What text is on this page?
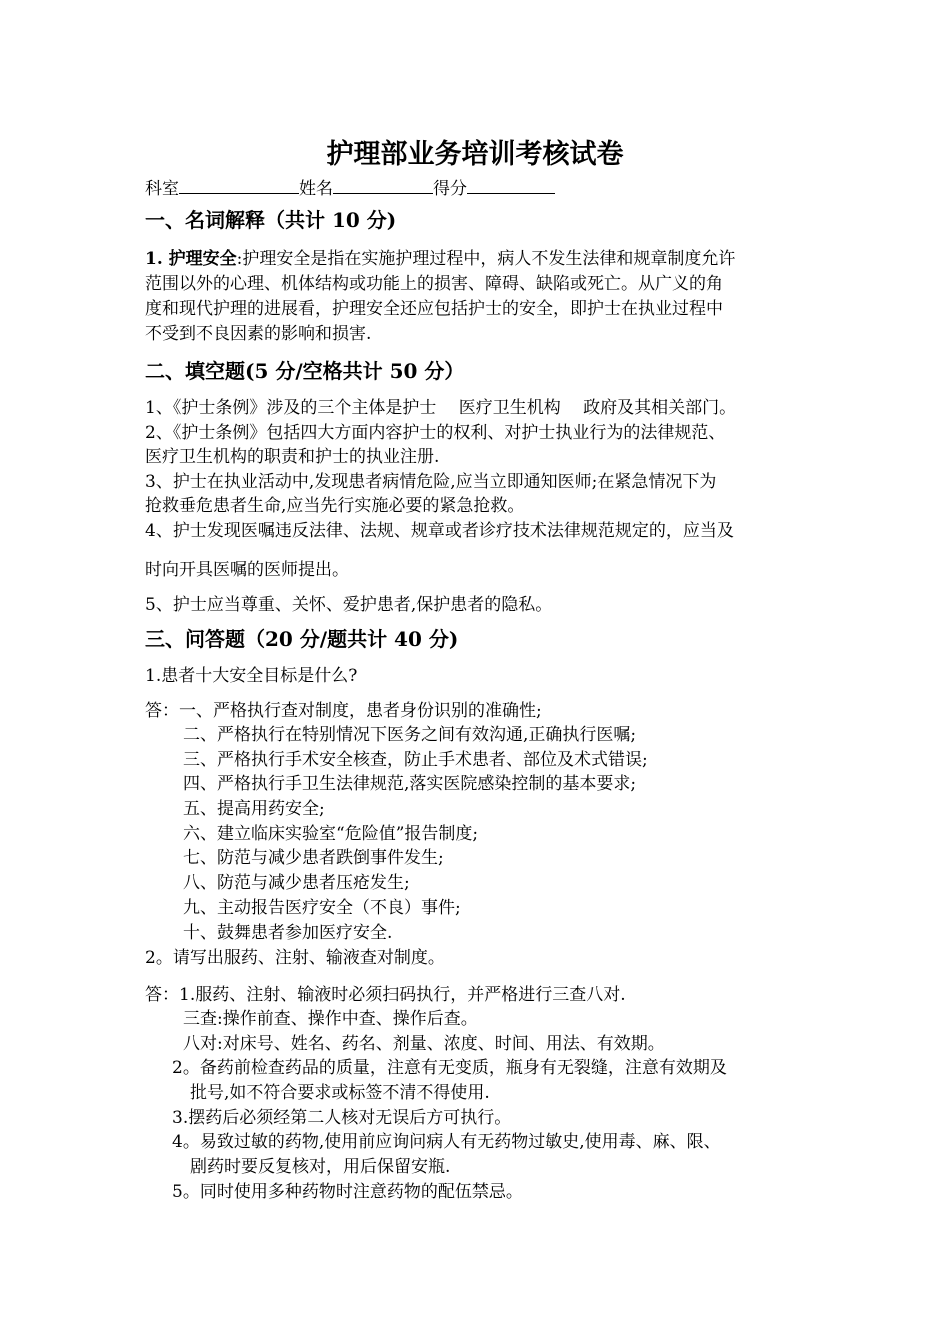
护理部业务培训考核试卷
科室	姓名	得分
一、名词解释（共计 10 分)
1. 护理安全:护理安全是指在实施护理过程中，病人不发生法律和规章制度允许
范围以外的心理、机体结构或功能上的损害、障碍、缺陷或死亡。从广义的角
度和现代护理的进展看，护理安全还应包括护士的安全，即护士在执业过程中
不受到不良因素的影响和损害.
二、填空题(5 分/空格共计 50 分）
1、《护士条例》涉及的三个主体是护士　 医疗卫生机构　 政府及其相关部门。
2、《护士条例》包括四大方面内容护士的权利、对护士执业行为的法律规范、
医疗卫生机构的职责和护士的执业注册.
3、护士在执业活动中,发现患者病情危险,应当立即通知医师;在紧急情况下为
抢救垂危患者生命,应当先行实施必要的紧急抢救。
4、护士发现医嘱违反法律、法规、规章或者诊疗技术法律规范规定的，应当及
时向开具医嘱的医师提出。
5、护士应当尊重、关怀、爱护患者,保护患者的隐私。
三、问答题（20 分/题共计 40 分)
1.患者十大安全目标是什么?
答：一、严格执行查对制度，患者身份识别的准确性;
二、严格执行在特别情况下医务之间有效沟通,正确执行医嘱;
三、严格执行手术安全核查，防止手术患者、部位及术式错误;
四、严格执行手卫生法律规范,落实医院感染控制的基本要求;
五、提高用药安全;
六、建立临床实验室“危险值”报告制度;
七、防范与减少患者跌倒事件发生;
八、防范与减少患者压疮发生;
九、主动报告医疗安全（不良）事件;
十、鼓舞患者参加医疗安全.
2。请写出服药、注射、输液查对制度。
答：1.服药、注射、输液时必须扫码执行，并严格进行三查八对.
三查:操作前查、操作中查、操作后查。
八对:对床号、姓名、药名、剂量、浓度、时间、用法、有效期。
2。备药前检查药品的质量，注意有无变质，瓶身有无裂缝，注意有效期及
批号,如不符合要求或标签不清不得使用.
3.摆药后必须经第二人核对无误后方可执行。
4。易致过敏的药物,使用前应询问病人有无药物过敏史,使用毒、麻、限、
剧药时要反复核对，用后保留安瓶.
5。同时使用多种药物时注意药物的配伍禁忌。
